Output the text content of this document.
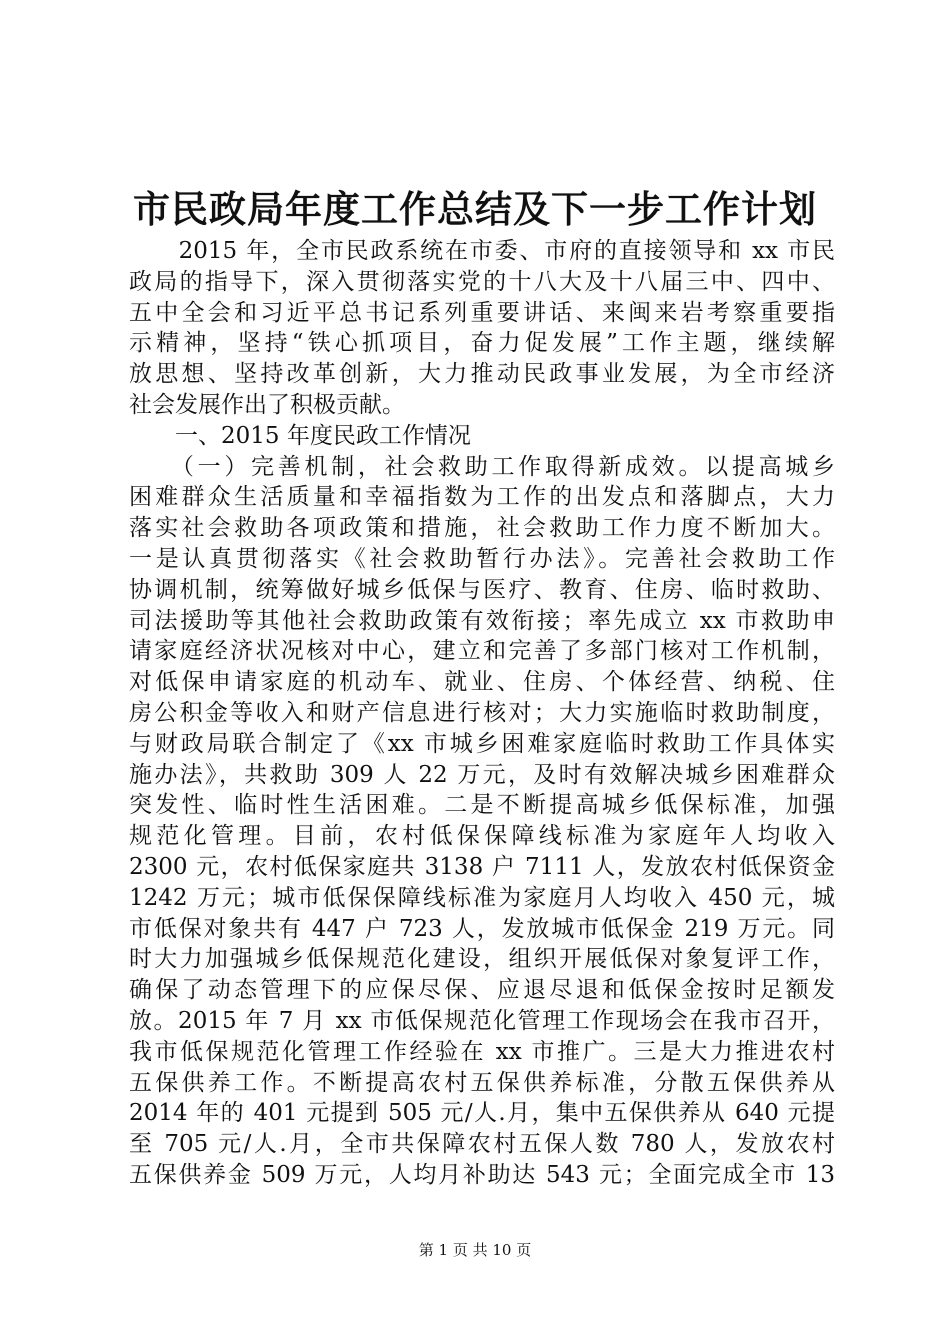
市民政局年度工作总结及下一步工作计划
　　2015 年，全市民政系统在市委、市府的直接领导和 xx 市民
政局的指导下，深入贯彻落实党的十八大及十八届三中、四中、
五中全会和习近平总书记系列重要讲话、来闽来岩考察重要指
示精神，坚持“铁心抓项目，奋力促发展”工作主题，继续解
放思想、坚持改革创新，大力推动民政事业发展，为全市经济
社会发展作出了积极贡献。
　　一、2015 年度民政工作情况
　　（一）完善机制，社会救助工作取得新成效。以提高城乡
困难群众生活质量和幸福指数为工作的出发点和落脚点，大力
落实社会救助各项政策和措施，社会救助工作力度不断加大。
一是认真贯彻落实《社会救助暂行办法》。完善社会救助工作
协调机制，统筹做好城乡低保与医疗、教育、住房、临时救助、
司法援助等其他社会救助政策有效衔接；率先成立 xx 市救助申
请家庭经济状况核对中心，建立和完善了多部门核对工作机制，
对低保申请家庭的机动车、就业、住房、个体经营、纳税、住
房公积金等收入和财产信息进行核对；大力实施临时救助制度，
与财政局联合制定了《xx 市城乡困难家庭临时救助工作具体实
施办法》，共救助 309 人 22 万元，及时有效解决城乡困难群众
突发性、临时性生活困难。二是不断提高城乡低保标准，加强
规范化管理。目前，农村低保保障线标准为家庭年人均收入
2300 元，农村低保家庭共 3138 户 7111 人，发放农村低保资金
1242 万元；城市低保保障线标准为家庭月人均收入 450 元，城
市低保对象共有 447 户 723 人，发放城市低保金 219 万元。同
时大力加强城乡低保规范化建设，组织开展低保对象复评工作，
确保了动态管理下的应保尽保、应退尽退和低保金按时足额发
放。2015 年 7 月 xx 市低保规范化管理工作现场会在我市召开，
我市低保规范化管理工作经验在 xx 市推广。三是大力推进农村
五保供养工作。不断提高农村五保供养标准，分散五保供养从
2014 年的 401 元提到 505 元/人.月，集中五保供养从 640 元提
至 705 元/人.月，全市共保障农村五保人数 780 人，发放农村
五保供养金 509 万元，人均月补助达 543 元；全面完成全市 13
第 1 页 共 10 页
